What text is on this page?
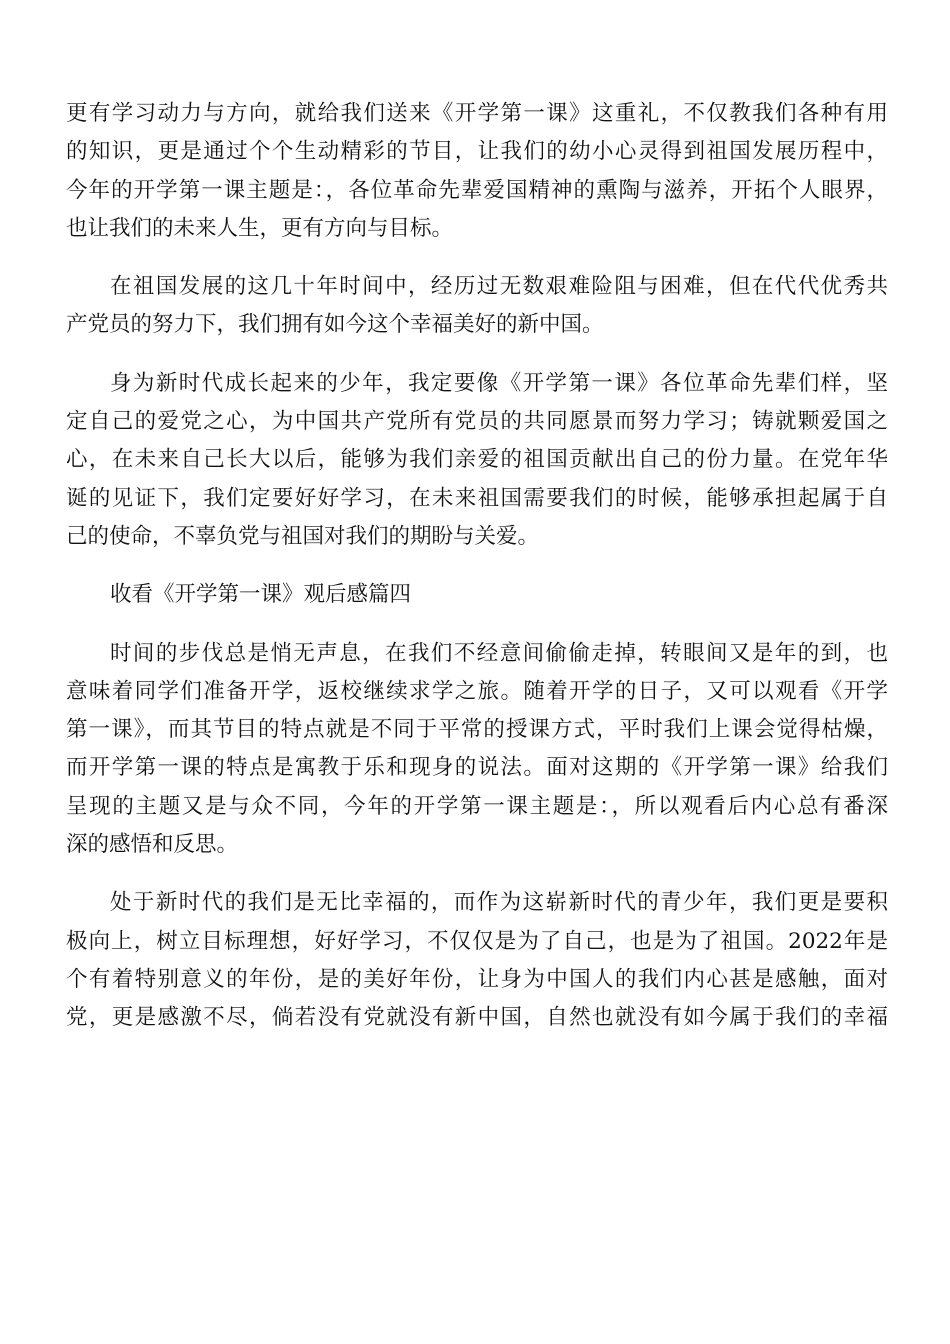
更有学习动力与方向，就给我们送来《开学第一课》这重礼，不仅教我们各种有用
的知识，更是通过个个生动精彩的节目，让我们的幼小心灵得到祖国发展历程中，
今年的开学第一课主题是：，各位革命先辈爱国精神的熏陶与滋养，开拓个人眼界，
也让我们的未来人生，更有方向与目标。

在祖国发展的这几十年时间中，经历过无数艰难险阻与困难，但在代代优秀共
产党员的努力下，我们拥有如今这个幸福美好的新中国。

身为新时代成长起来的少年，我定要像《开学第一课》各位革命先辈们样，坚
定自己的爱党之心，为中国共产党所有党员的共同愿景而努力学习；铸就颗爱国之
心，在未来自己长大以后，能够为我们亲爱的祖国贡献出自己的份力量。在党年华
诞的见证下，我们定要好好学习，在未来祖国需要我们的时候，能够承担起属于自
己的使命，不辜负党与祖国对我们的期盼与关爱。

收看《开学第一课》观后感篇四

时间的步伐总是悄无声息，在我们不经意间偷偷走掉，转眼间又是年的到，也
意味着同学们准备开学，返校继续求学之旅。随着开学的日子，又可以观看《开学
第一课》，而其节目的特点就是不同于平常的授课方式，平时我们上课会觉得枯燥，
而开学第一课的特点是寓教于乐和现身的说法。面对这期的《开学第一课》给我们
呈现的主题又是与众不同，今年的开学第一课主题是：，所以观看后内心总有番深
深的感悟和反思。

处于新时代的我们是无比幸福的，而作为这崭新时代的青少年，我们更是要积
极向上，树立目标理想，好好学习，不仅仅是为了自己，也是为了祖国。2022年是
个有着特别意义的年份，是的美好年份，让身为中国人的我们内心甚是感触，面对
党，更是感激不尽，倘若没有党就没有新中国，自然也就没有如今属于我们的幸福
